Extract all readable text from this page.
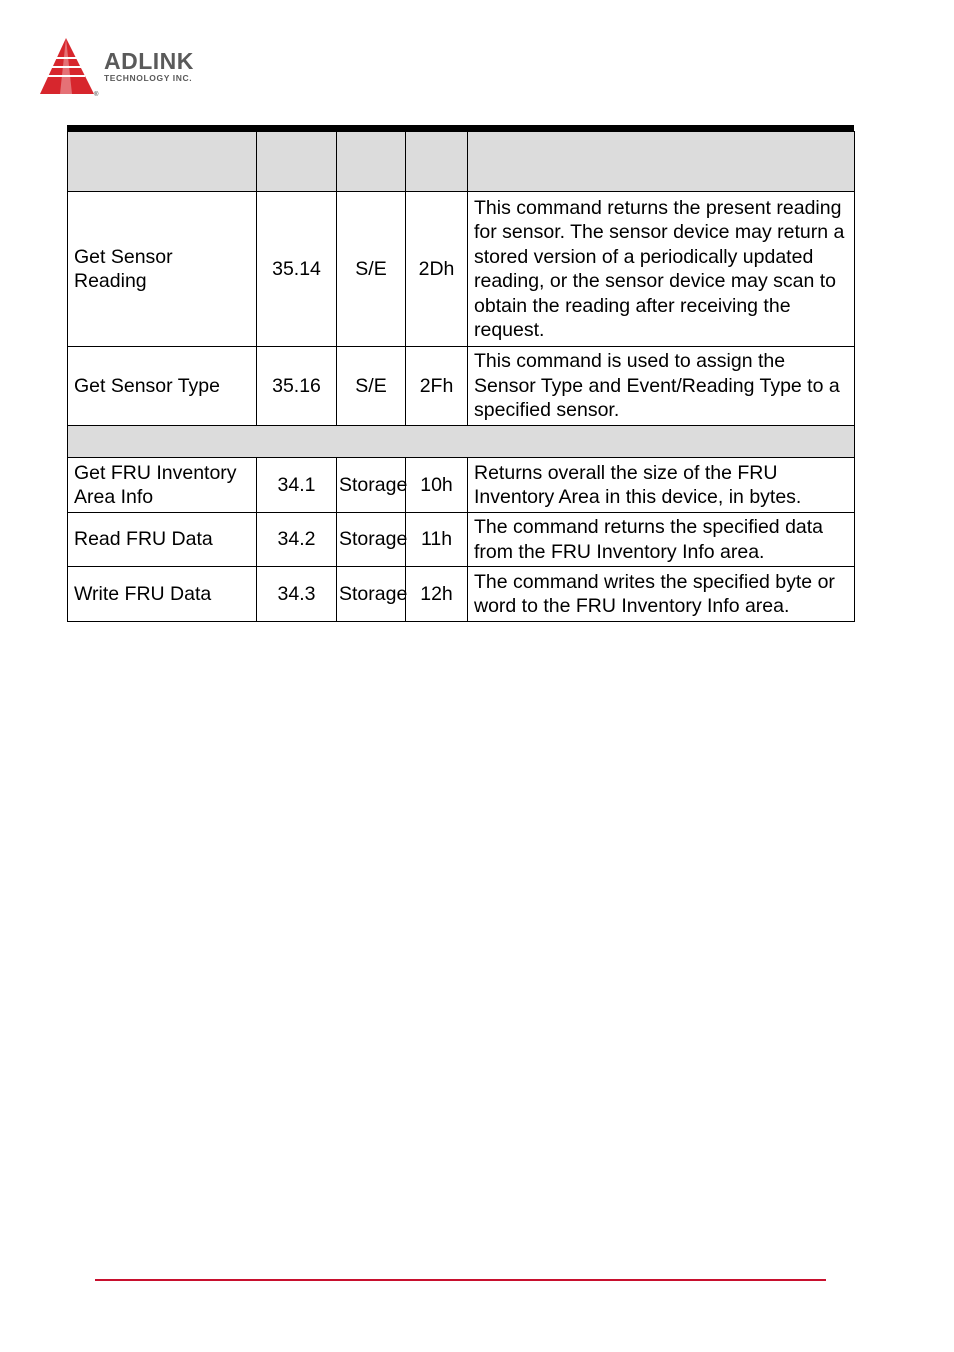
®
ADLINK
TECHNOLOGY INC.

Get Sensor Reading	35.14	S/E	2Dh	This command returns the present reading for sensor. The sensor device may return a stored version of a periodically updated reading, or the sensor device may scan to obtain the reading after receiving the request.
Get Sensor Type	35.16	S/E	2Fh	This command is used to assign the Sensor Type and Event/Reading Type to a specified sensor.

Get FRU Inventory Area Info	34.1	Storage	10h	Returns overall the size of the FRU Inventory Area in this device, in bytes.
Read FRU Data	34.2	Storage	11h	The command returns the specified data from the FRU Inventory Info area.
Write FRU Data	34.3	Storage	12h	The command writes the specified byte or word to the FRU Inventory Info area.
